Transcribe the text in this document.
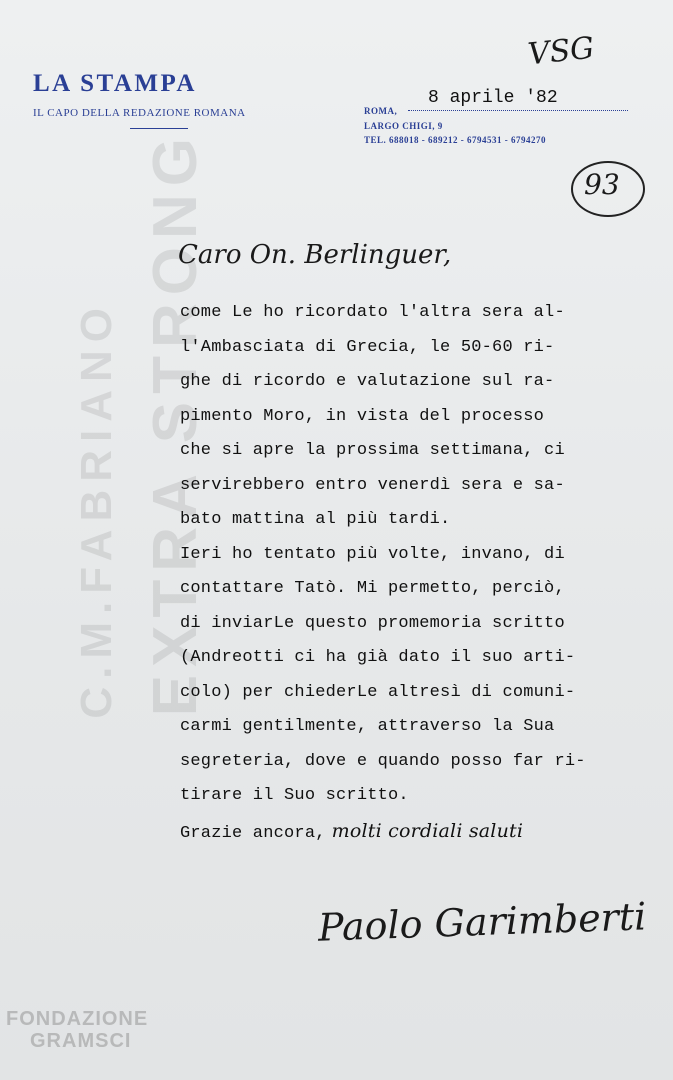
EXTRA STRONG
C.M.FABRIANO
LA STAMPA
IL CAPO DELLA REDAZIONE ROMANA	ROMA,
8 aprile '82
LARGO CHIGI, 9
TEL. 688018 - 689212 - 6794531 - 6794270
VSG
93
Caro On. Berlinguer,
come Le ho ricordato l'altra sera al-
l'Ambasciata di Grecia, le 50-60 ri-
ghe di ricordo e valutazione sul ra-
pimento Moro, in vista del processo
che si apre la prossima settimana, ci
servirebbero entro venerdì sera e sa-
bato mattina al più tardi.
Ieri ho tentato più volte, invano, di
contattare Tatò. Mi permetto, perciò,
di inviarLe questo promemoria scritto
(Andreotti ci ha già dato il suo arti-
colo) per chiederLe altresì di comuni-
carmi gentilmente, attraverso la Sua
segreteria, dove e quando posso far ri-
tirare il Suo scritto.
Grazie ancora, molti cordiali saluti
Paolo Garimberti
FONDAZIONE
GRAMSCI
